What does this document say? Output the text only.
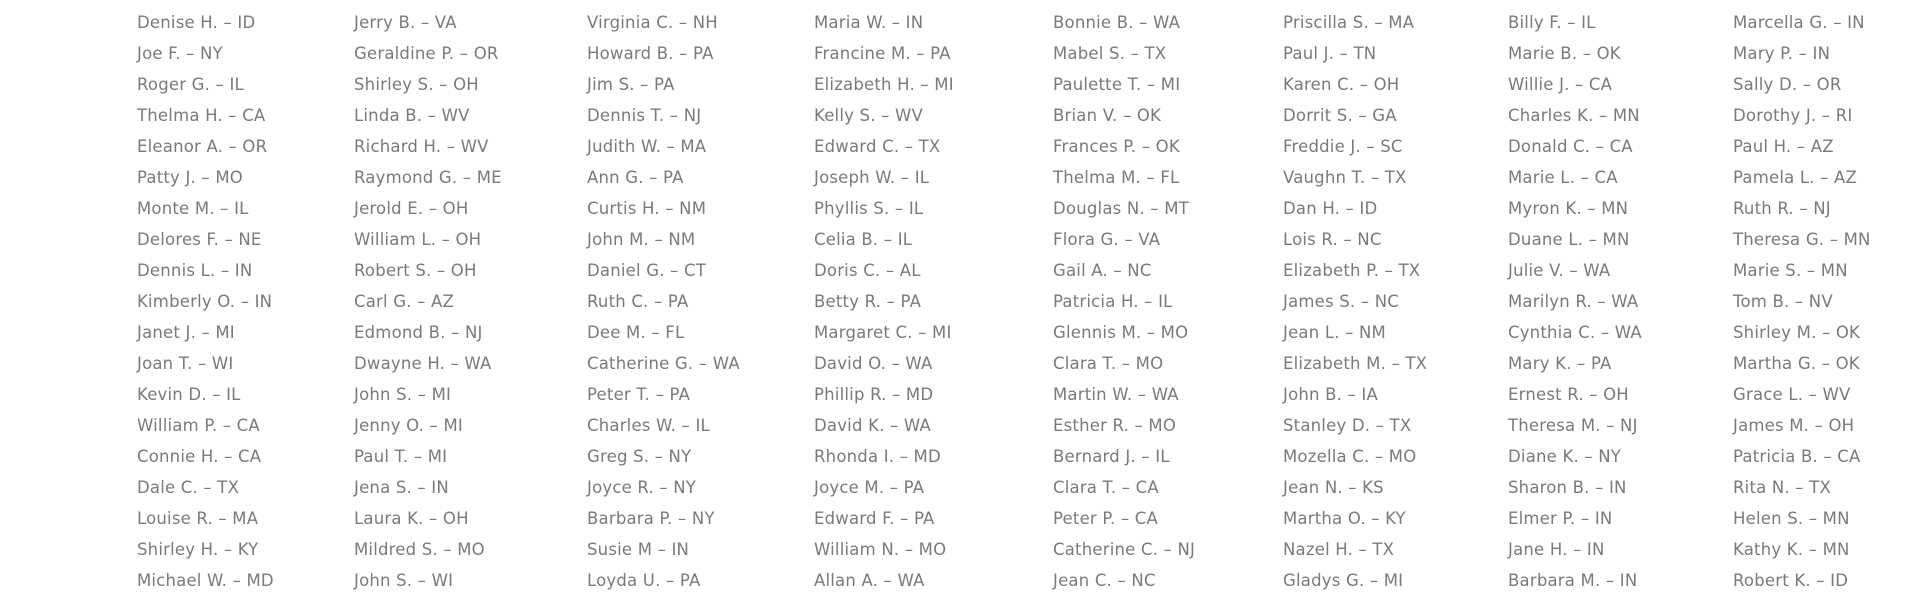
Denise H. – ID
Joe F. – NY
Roger G. – IL
Thelma H. – CA
Eleanor A. – OR
Patty J. – MO
Monte M. – IL
Delores F. – NE
Dennis L. – IN
Kimberly O. – IN
Janet J. – MI
Joan T. – WI
Kevin D. – IL
William P. – CA
Connie H. – CA
Dale C. – TX
Louise R. – MA
Shirley H. – KY
Michael W. – MD
Jerry B. – VA
Geraldine P. – OR
Shirley S. – OH
Linda B. – WV
Richard H. – WV
Raymond G. – ME
Jerold E. – OH
William L. – OH
Robert S. – OH
Carl G. – AZ
Edmond B. – NJ
Dwayne H. – WA
John S. – MI
Jenny O. – MI
Paul T. – MI
Jena S. – IN
Laura K. – OH
Mildred S. – MO
John S. – WI
Virginia C. – NH
Howard B. – PA
Jim S. – PA
Dennis T. – NJ
Judith W. – MA
Ann G. – PA
Curtis H. – NM
John M. – NM
Daniel G. – CT
Ruth C. – PA
Dee M. – FL
Catherine G. – WA
Peter T. – PA
Charles W. – IL
Greg S. – NY
Joyce R. – NY
Barbara P. – NY
Susie M – IN
Loyda U. – PA
Maria W. – IN
Francine M. – PA
Elizabeth H. – MI
Kelly S. – WV
Edward C. – TX
Joseph W. – IL
Phyllis S. – IL
Celia B. – IL
Doris C. – AL
Betty R. – PA
Margaret C. – MI
David O. – WA
Phillip R. – MD
David K. – WA
Rhonda I. – MD
Joyce M. – PA
Edward F. – PA
William N. – MO
Allan A. – WA
Bonnie B. – WA
Mabel S. – TX
Paulette T. – MI
Brian V. – OK
Frances P. – OK
Thelma M. – FL
Douglas N. – MT
Flora G. – VA
Gail A. – NC
Patricia H. – IL
Glennis M. – MO
Clara T. – MO
Martin W. – WA
Esther R. – MO
Bernard J. – IL
Clara T. – CA
Peter P. – CA
Catherine C. – NJ
Jean C. – NC
Priscilla S. – MA
Paul J. – TN
Karen C. – OH
Dorrit S. – GA
Freddie J. – SC
Vaughn T. – TX
Dan H. – ID
Lois R. – NC
Elizabeth P. – TX
James S. – NC
Jean L. – NM
Elizabeth M. – TX
John B. – IA
Stanley D. – TX
Mozella C. – MO
Jean N. – KS
Martha O. – KY
Nazel H. – TX
Gladys G. – MI
Billy F. – IL
Marie B. – OK
Willie J. – CA
Charles K. – MN
Donald C. – CA
Marie L. – CA
Myron K. – MN
Duane L. – MN
Julie V. – WA
Marilyn R. – WA
Cynthia C. – WA
Mary K. – PA
Ernest R. – OH
Theresa M. – NJ
Diane K. – NY
Sharon B. – IN
Elmer P. – IN
Jane H. – IN
Barbara M. – IN
Marcella G. – IN
Mary P. – IN
Sally D. – OR
Dorothy J. – RI
Paul H. – AZ
Pamela L. – AZ
Ruth R. – NJ
Theresa G. – MN
Marie S. – MN
Tom B. – NV
Shirley M. – OK
Martha G. – OK
Grace L. – WV
James M. – OH
Patricia B. – CA
Rita N. – TX
Helen S. – MN
Kathy K. – MN
Robert K. – ID
